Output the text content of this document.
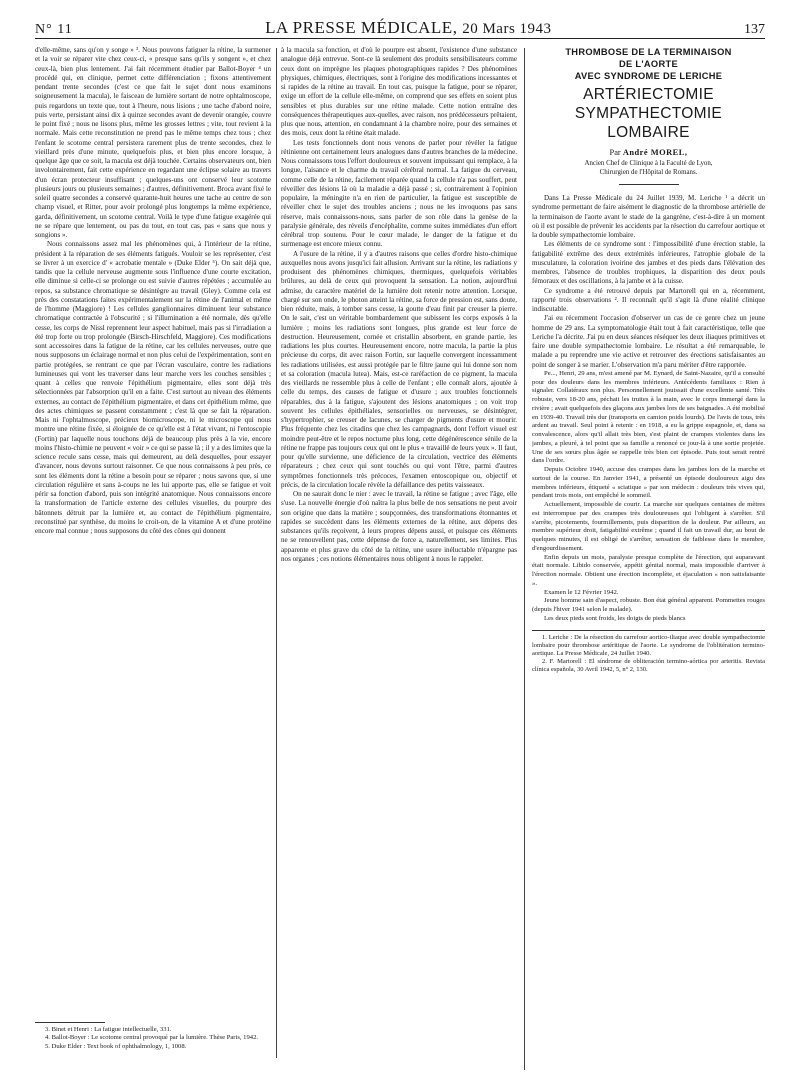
N° 11	LA PRESSE MÉDICALE, 20 Mars 1943	137

d'elle-même, sans qu'on y songe » ³. Nous pouvons fatiguer la rétine, la surmener et la voir se réparer vite chez ceux-ci, « presque sans qu'ils y songent », et chez ceux-là, bien plus lentement. J'ai fait récemment étudier par Ballot-Boyer ⁴ un procédé qui, en clinique, permet cette différenciation ; fixons attentivement pendant trente secondes (c'est ce que fait le sujet dont nous examinons soigneusement la macula), le faisceau de lumière sortant de notre ophtalmoscope, puis regardons un texte que, tout à l'heure, nous lisions ; une tache d'abord noire, puis verte, persistant ainsi dix à quinze secondes avant de devenir orangée, couvre le point fixé ; nous ne lisons plus, même les grosses lettres ; vite, tout revient à la normale. Mais cette reconstitution ne prend pas le même temps chez tous ; chez l'enfant le scotome central persistera rarement plus de trente secondes, chez le vieillard près d'une minute, quelquefois plus, et bien plus encore lorsque, à quelque âge que ce soit, la macula est déjà touchée. Certains observateurs ont, bien involontairement, fait cette expérience en regardant une éclipse solaire au travers d'un écran protecteur insuffisant ; quelques-uns ont conservé leur scotome plusieurs jours ou plusieurs semaines ; d'autres, définitivement. Broca avant fixé le soleil quatre secondes a conservé quarante-huit heures une tache au centre de son champ visuel, et Ritter, pour avoir prolongé plus longtemps la même expérience, garda, définitivement, un scotome central. Voilà le type d'une fatigue exagérée qui ne se répare que lentement, ou pas du tout, en tout cas, pas « sans que nous y songions ».

Nous connaissons assez mal les phénomènes qui, à l'intérieur de la rétine, président à la réparation de ses éléments fatigués. Vouloir se les représenter, c'est se livrer à un exercice d' « acrobatie mentale » (Duke Elder ⁵). On sait déjà que, tandis que la cellule nerveuse augmente sous l'influence d'une courte excitation, elle diminue si celle-ci se prolonge ou est suivie d'autres répétées ; accumulée au repos, sa substance chromatique se désintègre au travail (Gley). Comme cela est près des constatations faites expérimentalement sur la rétine de l'animal et même de l'homme (Maggiore) ! Les cellules ganglionnaires diminuent leur substance chromatique contractée à l'obscurité ; si l'illumination a été normale, dès qu'elle cesse, les corps de Nissl reprennent leur aspect habituel, mais pas si l'irradiation a été trop forte ou trop prolongée (Birsch-Hirschfeld, Maggiore). Ces modifications sont accessoires dans la fatigue de la rétine, car les cellules nerveuses, outre que nous supposons un éclairage normal et non plus celui de l'expérimentation, sont en partie protégées, se rentrant ce que par l'écran vasculaire, contre les radiations lumineuses qui vont les traverser dans leur marche vers les couches sensibles ; quant à celles que renvoie l'épithélium pigmentaire, elles sont déjà très sélectionnées par l'absorption qu'il en a faite. C'est surtout au niveau des éléments externes, au contact de l'épithélium pigmentaire, et dans cet épithélium même, que des actes chimiques se passent constamment ; c'est là que se fait la réparation. Mais ni l'ophtalmoscope, précieux biomicroscope, ni le microscope qui nous montre une rétine fixée, si éloignée de ce qu'elle est à l'état vivant, ni l'entoscopie (Fortin) par laquelle nous touchons déjà de beaucoup plus près à la vie, encore moins l'histo-chimie ne peuvent « voir » ce qui se passe là ; il y a des limites que la science recule sans cesse, mais qui demeurent, au delà desquelles, pour essayer d'avancer, nous devons surtout raisonner. Ce que nous connaissons à peu près, ce sont les éléments dont la rétine a besoin pour se réparer ; nous savons que, si une circulation régulière et sans à-coups ne les lui apporte pas, elle se fatigue et voit périr sa fonction d'abord, puis son intégrité anatomique. Nous connaissons encore la transformation de l'article externe des cellules visuelles, du pourpre des bâtonnets détruit par la lumière et, au contact de l'épithélium pigmentaire, reconstitué par synthèse, du moins le croit-on, de la vitamine A et d'une protéine encore mal connue ; nous supposons du côté des cônes qui donnent

3. Binet et Henri : La fatigue intellectuelle, 331.

4. Ballot-Boyer : Le scotome central provoqué par la lumière. Thèse Paris, 1942.

5. Duke Elder : Text book of ophthalmology, 1, 1008.

à la macula sa fonction, et d'où le pourpre est absent, l'existence d'une substance analogue déjà entrevue. Sont-ce là seulement des produits sensibilisateurs comme ceux dont on imprègne les plaques photographiques rapides ? Des phénomènes physiques, chimiques, électriques, sont à l'origine des modifications incessantes et si rapides de la rétine au travail. En tout cas, puisque la fatigue, pour se réparer, exige un effort de la cellule elle-même, on comprend que ses effets en soient plus sensibles et plus durables sur une rétine malade. Cette notion entraîne des conséquences thérapeutiques aux-quelles, avec raison, nos prédécesseurs prêtaient, plus que nous, attention, en condamnant à la chambre noire, pour des semaines et des mois, ceux dont la rétine était malade.

Les tests fonctionnels dont nous venons de parler pour révéler la fatigue rétinienne ont certainement leurs analogues dans d'autres branches de la médecine. Nous connaissons tous l'effort douloureux et souvent impuissant qui remplace, à la longue, l'aisance et le charme du travail cérébral normal. La fatigue du cerveau, comme celle de la rétine, facilement réparée quand la cellule n'a pas souffert, peut réveiller des lésions là où la maladie a déjà passé ; si, contrairement à l'opinion populaire, la méningite n'a en rien de particulier, la fatigue est susceptible de réveiller chez le sujet des troubles anciens ; nous ne les invoquons pas sans réserve, mais connaissons-nous, sans parler de son rôle dans la genèse de la paralysie générale, des réveils d'encéphalite, comme suites immédiates d'un effort cérébral trop soutenu. Pour le cœur malade, le danger de la fatigue et du surmenage est encore mieux connu.

A l'usure de la rétine, il y a d'autres raisons que celles d'ordre histo-chimique auxquelles nous avons jusqu'ici fait allusion. Arrivant sur la rétine, les radiations y produisent des phénomènes chimiques, thermiques, quelquefois véritables brûlures, au delà de ceux qui provoquent la sensation. La notion, aujourd'hui admise, du caractère matériel de la lumière doit retenir notre attention. Lorsque, chargé sur son onde, le photon atteint la rétine, sa force de pression est, sans doute, bien réduite, mais, à tomber sans cesse, la goutte d'eau finit par creuser la pierre. On le sait, c'est un véritable bombardement que subissent les corps exposés à la lumière ; moins les radiations sont longues, plus grande est leur force de destruction. Heureusement, cornée et cristallin absorbent, en grande partie, les radiations les plus courtes. Heureusement encore, notre macula, la partie la plus précieuse du corps, dit avec raison Fortin, sur laquelle convergent incessamment les radiations utilisées, est aussi protégée par le filtre jaune qui lui donne son nom et sa coloration (macula lutea). Mais, est-ce raréfaction de ce pigment, la macula des vieillards ne ressemble plus à celle de l'enfant ; elle connaît alors, ajoutée à celle du temps, des causes de fatigue et d'usure ; aux troubles fonctionnels réparables, dus à la fatigue, s'ajoutent des lésions anatomiques ; on voit trop souvent les cellules épithéliales, sensorielles ou nerveuses, se désintégrer, s'hypertrophier, se creuser de lacunes, se charger de pigments d'usure et mourir. Plus fréquente chez les citadins que chez les campagnards, dont l'effort visuel est moindre peut-être et le repos nocturne plus long, cette dégénérescence sénile de la rétine ne frappe pas toujours ceux qui ont le plus « travaillé de leurs yeux ». Il faut, pour qu'elle survienne, une déficience de la circulation, vectrice des éléments réparateurs ; chez ceux qui sont touchés ou qui vont l'être, parmi d'autres symptômes fonctionnels très précoces, l'examen entoscopique ou, objectif et précis, de la circulation locale révèle la défaillance des petits vaisseaux.

On ne saurait donc le nier : avec le travail, la rétine se fatigue ; avec l'âge, elle s'use. La nouvelle énergie d'où naîtra la plus belle de nos sensations ne peut avoir son origine que dans la matière ; soupçonnées, des transformations étonnantes et rapides se succèdent dans les éléments externes de la rétine, aux dépens des substances qu'ils reçoivent, à leurs propres dépens aussi, et puisque ces éléments ne se renouvellent pas, cette dépense de force a, naturellement, ses limites. Plus apparente et plus grave du côté de la rétine, une usure inéluctable n'épargne pas nos organes ; ces notions élémentaires nous obligent à nous le rappeler.

THROMBOSE DE LA TERMINAISON
DE L'AORTE
AVEC SYNDROME DE LERICHE
ARTÉRIECTOMIE
SYMPATHECTOMIE LOMBAIRE
Par André MOREL,
Ancien Chef de Clinique à la Faculté de Lyon,
Chirurgien de l'Hôpital de Romans.

Dans La Presse Médicale du 24 Juillet 1939, M. Leriche ¹ a décrit un syndrome permettant de faire aisément le diagnostic de la thrombose artérielle de la terminaison de l'aorte avant le stade de la gangrène, c'est-à-dire à un moment où il est possible de prévenir les accidents par la résection du carrefour aortique et la double sympathectomie lombaire.

Les éléments de ce syndrome sont : l'impossibilité d'une érection stable, la fatigabilité extrême des deux extrémités inférieures, l'atrophie globale de la musculature, la coloration ivoirine des jambes et des pieds dans l'élévation des membres, l'absence de troubles trophiques, la disparition des deux pouls fémoraux et des oscillations, à la jambe et à la cuisse.

Ce syndrome a été retrouvé depuis par Martorell qui en a, récemment, rapporté trois observations ². Il reconnaît qu'il s'agit là d'une réalité clinique indiscutable.

J'ai eu récemment l'occasion d'observer un cas de ce genre chez un jeune homme de 29 ans. La symptomatologie était tout à fait caractéristique, telle que Leriche l'a décrite. J'ai pu en deux séances réséquer les deux iliaques primitives et faire une double sympathectomie lombaire. Le résultat a été remarquable, le malade a pu reprendre une vie active et retrouver des érections satisfaisantes au point de songer à se marier. L'observation m'a paru mériter d'être rapportée.

Pe..., Henri, 29 ans, m'est amené par M. Eynard, de Saint-Nazaire, qu'il a consulté pour des douleurs dans les membres inférieurs. Antécédents familiaux : Rien à signaler. Collatéraux non plus. Personnellement jouissait d'une excellente santé. Très robuste, vers 18-20 ans, péchait les truites à la main, avec le corps immergé dans la rivière ; avait quelquefois des glaçons aux jambes lors de ses baignades. A été mobilisé en 1939-40. Travail très dur (transports en camion poids lourds). De l'avis de tous, très ardent au travail. Seul point à retenir : en 1918, a eu la grippe espagnole, et, dans sa convalescence, alors qu'il allait très bien, s'est plaint de crampes violentes dans les jambes, a pleuré, à tel point que sa famille a renoncé ce jour-là à une sortie projetée. Une de ses sœurs plus âgée se rappelle très bien cet épisode. Puis tout serait rentré dans l'ordre.

Depuis Octobre 1940, accuse des crampes dans les jambes lors de la marche et surtout de la course. En Janvier 1941, a présenté un épisode douloureux aigu des membres inférieurs, étiqueté « sciatique » par son médecin : douleurs très vives qui, pendant trois mois, ont empêché le sommeil.

Actuellement, impossible de courir. La marche sur quelques centaines de mètres est interrompue par des crampes très douloureuses qui l'obligent à s'arrêter. S'il s'arrête, picotements, fourmillements, puis disparition de la douleur. Par ailleurs, au membre supérieur droit, fatigabilité extrême ; quand il fait un travail dur, au bout de quelques minutes, il est obligé de s'arrêter, sensation de faiblesse dans le membre, d'engourdissement.

Enfin depuis un mois, paralysie presque complète de l'érection, qui auparavant était normale. Libido conservée, appétit génital normal, mais impossible d'arriver à l'érection normale. Obtient une érection incomplète, et éjaculation « non satisfaisante ».

Examen le 12 Février 1942.

Jeune homme sain d'aspect, robuste. Bon état général apparent. Pommettes rouges (depuis l'hiver 1941 selon le malade).

Les deux pieds sont froids, les doigts de pieds blancs

1. Leriche : De la résection du carrefour aortico-iliaque avec double sympathectomie lombaire pour thrombose artéritique de l'aorte. Le syndrome de l'oblitération termino-aortique. La Presse Médicale, 24 Juillet 1940.

2. F. Martorell : El síndrome de obliteración termino-aórtica por arteritis. Revista clínica española, 30 Avril 1942, 5, n° 2, 130.
